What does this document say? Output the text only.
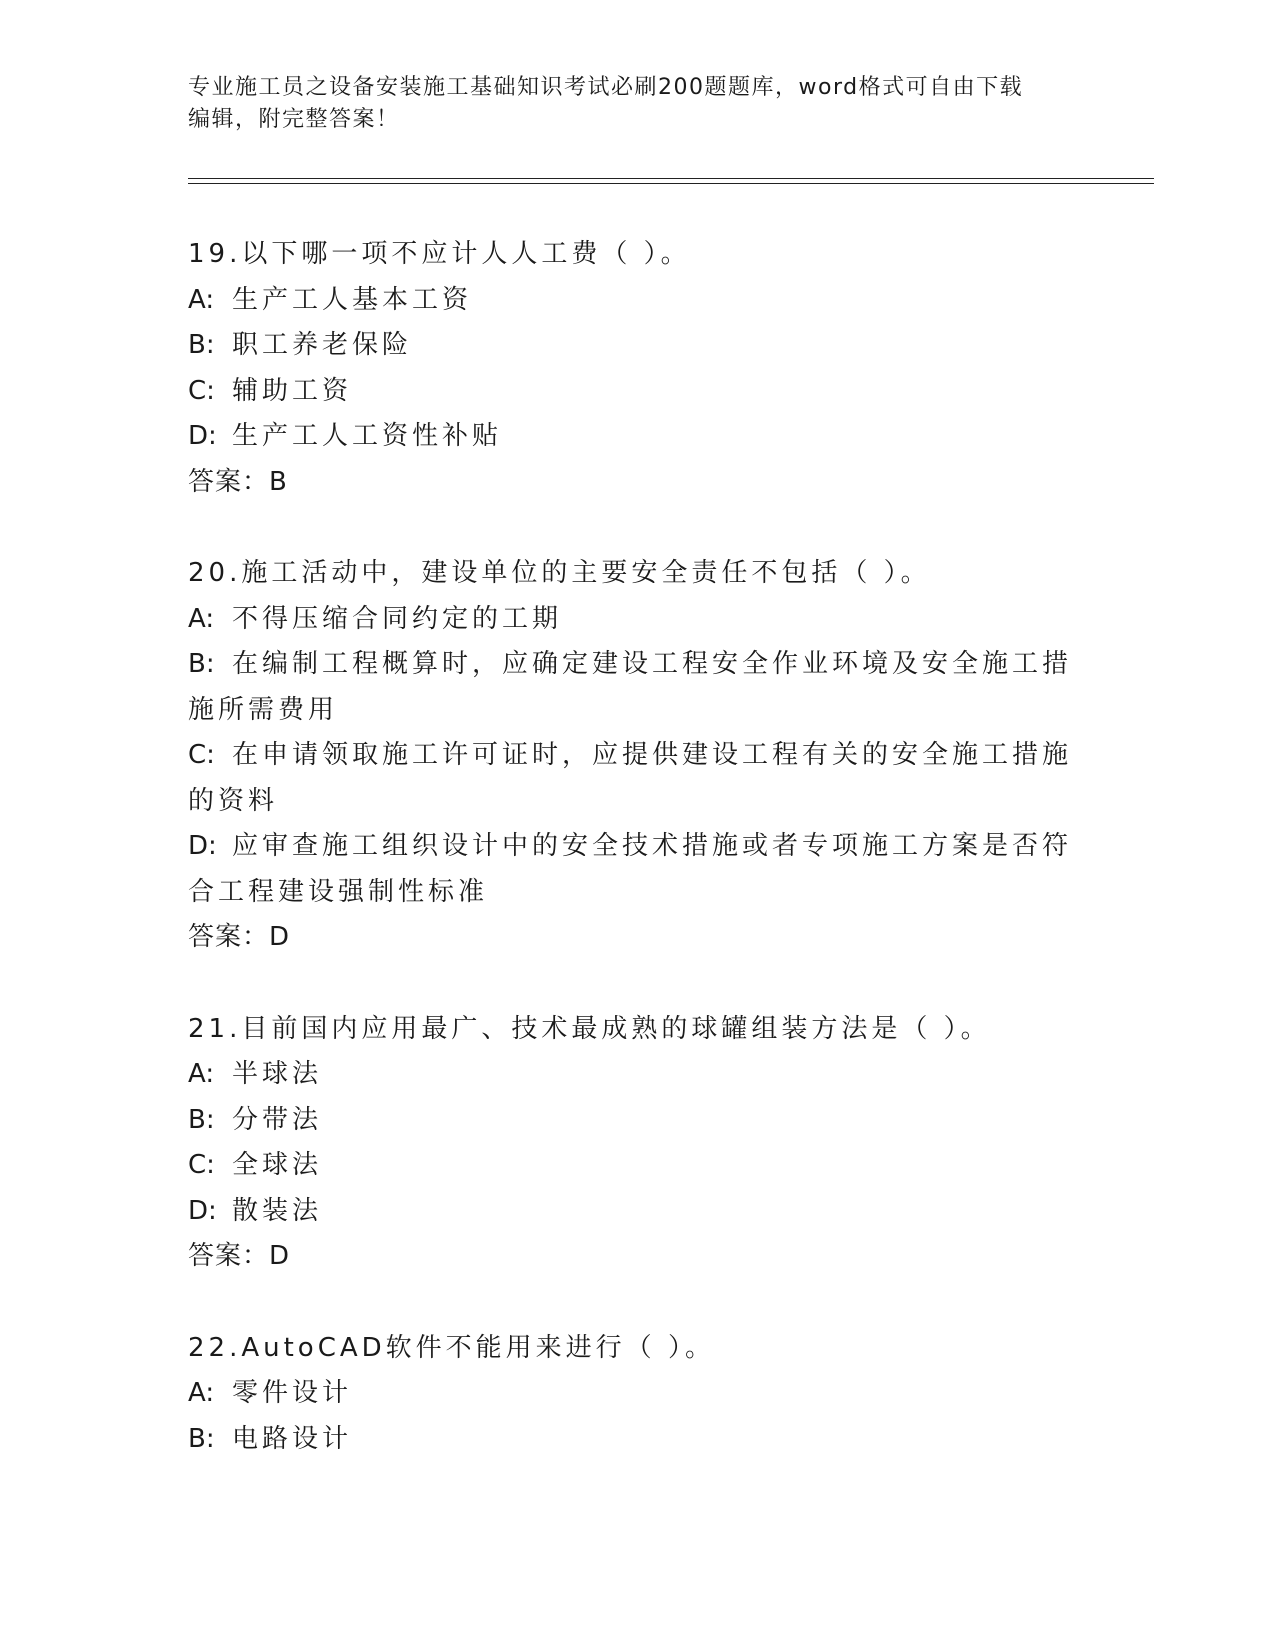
专业施工员之设备安装施工基础知识考试必刷200题题库，word格式可自由下载
编辑，附完整答案！

19.以下哪一项不应计人人工费（ ）。

A: 生产工人基本工资

B: 职工养老保险

C: 辅助工资

D: 生产工人工资性补贴

答案：B

20.施工活动中，建设单位的主要安全责任不包括（ ）。

A: 不得压缩合同约定的工期

B: 在编制工程概算时，应确定建设工程安全作业环境及安全施工措施所需费用

C: 在申请领取施工许可证时，应提供建设工程有关的安全施工措施的资料

D: 应审查施工组织设计中的安全技术措施或者专项施工方案是否符合工程建设强制性标准

答案：D

21.目前国内应用最广、技术最成熟的球罐组装方法是（ ）。

A: 半球法

B: 分带法

C: 全球法

D: 散装法

答案：D

22.AutoCAD软件不能用来进行（ ）。

A: 零件设计

B: 电路设计
